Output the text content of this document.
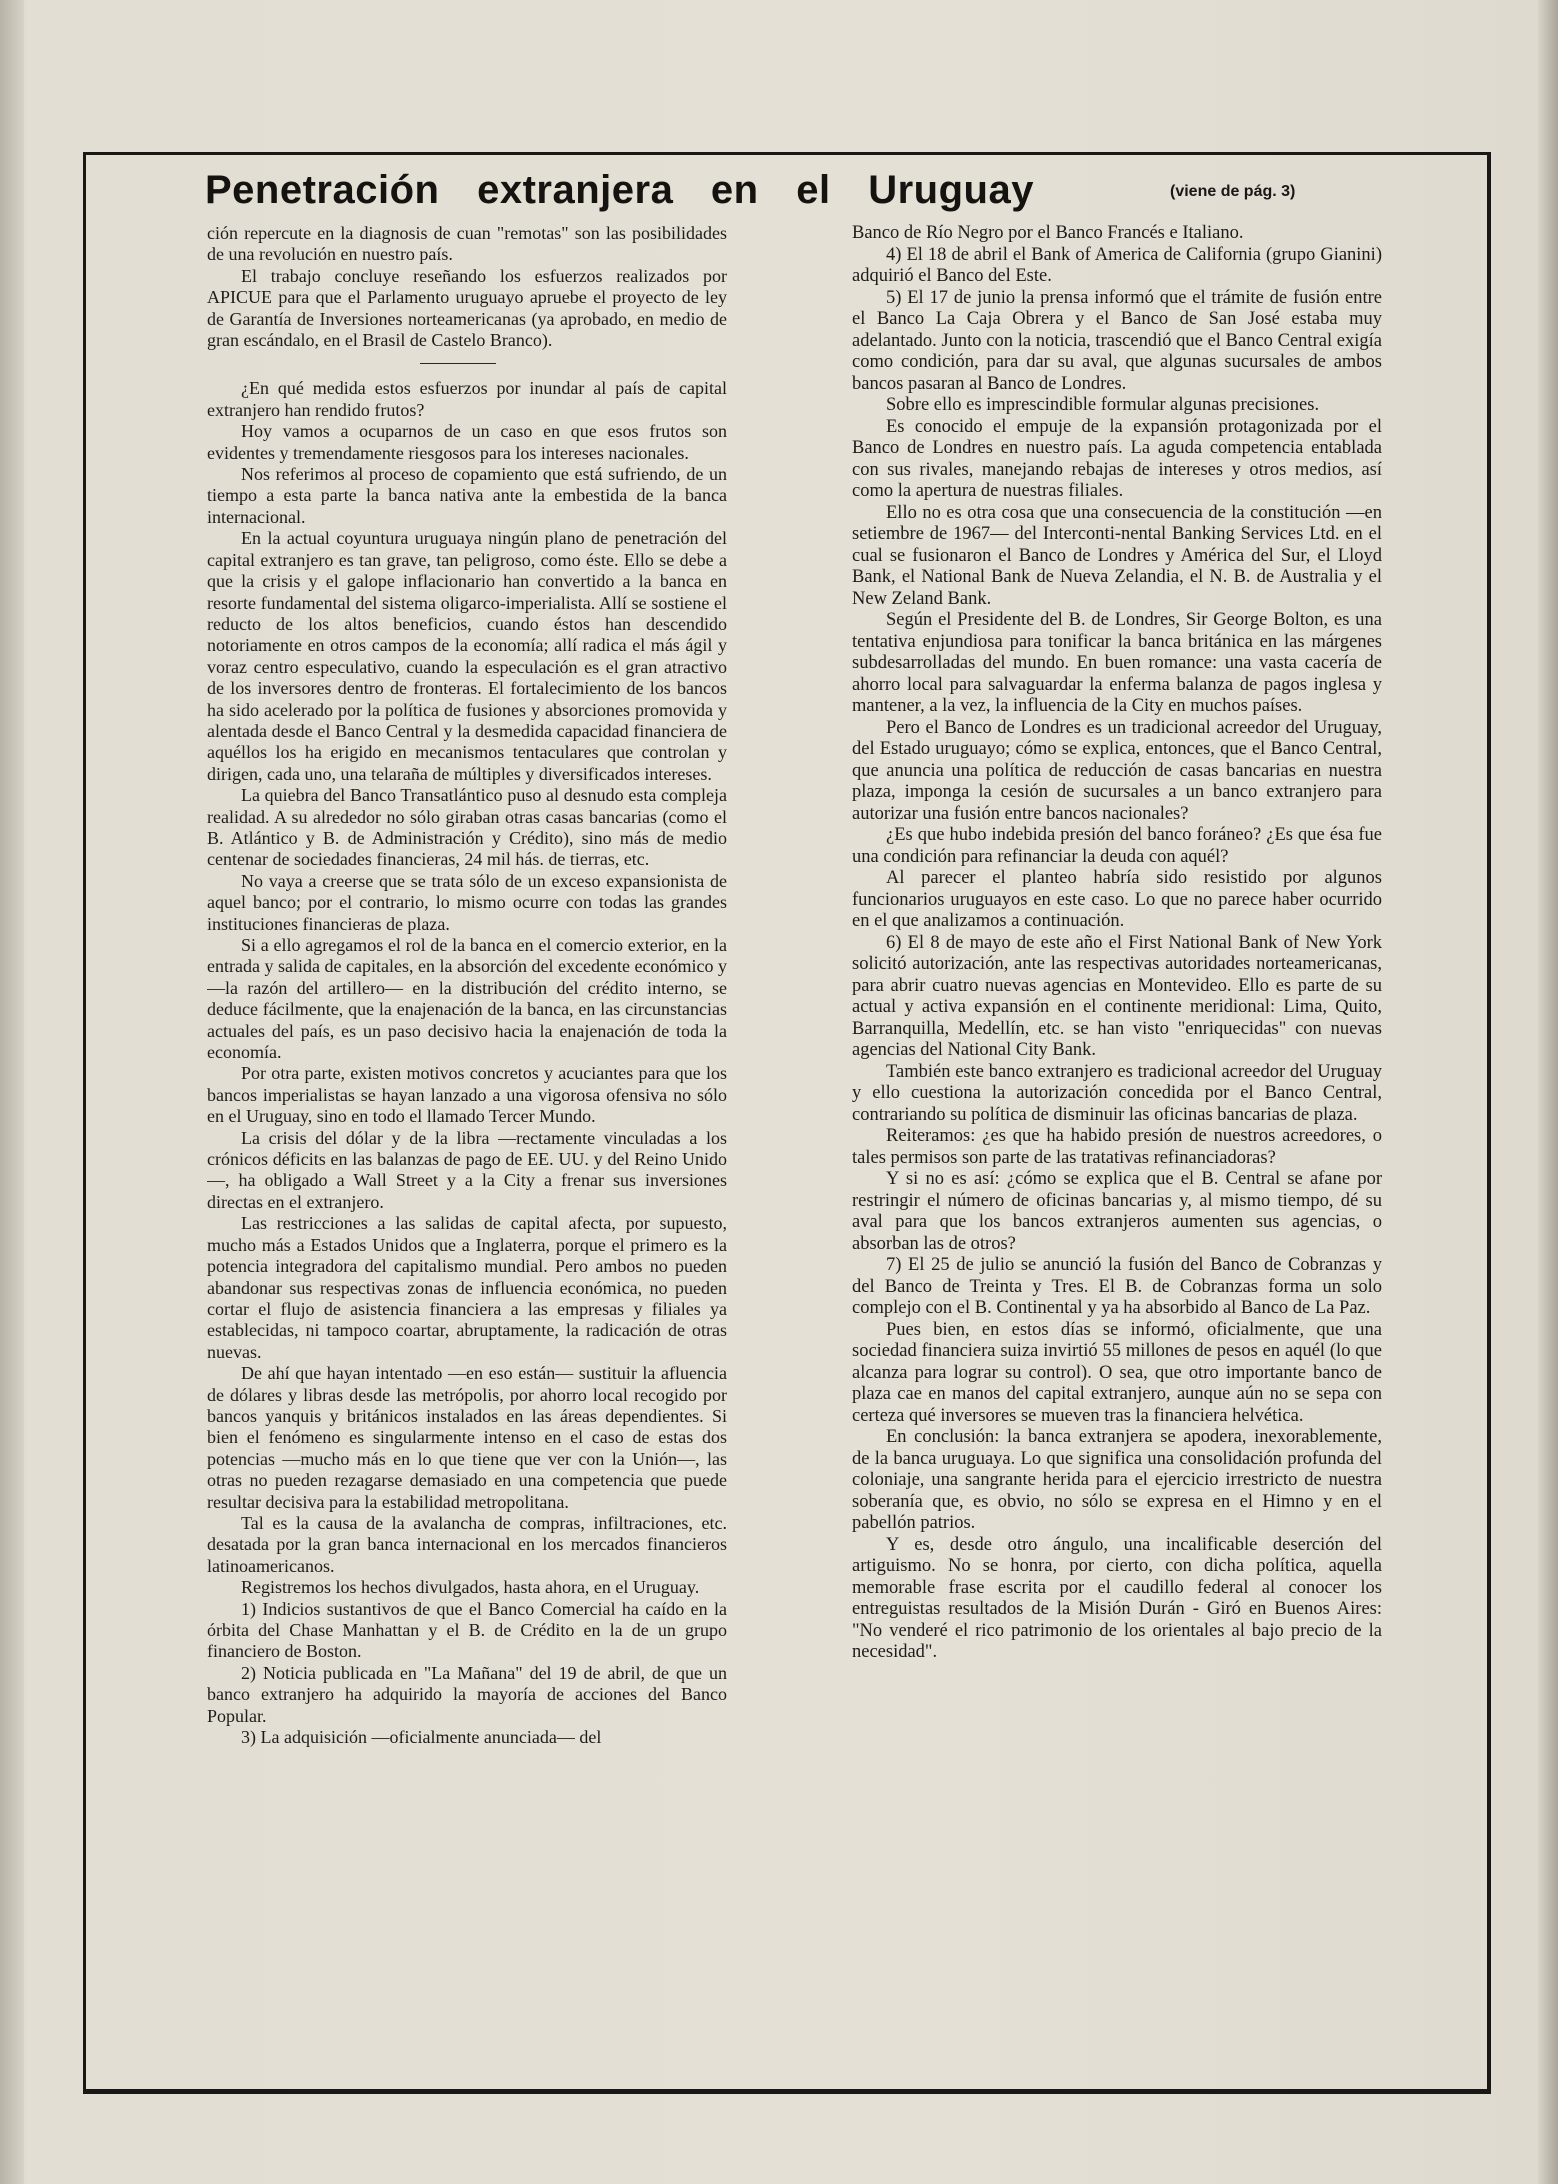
Penetración extranjera en el Uruguay	(viene de pág. 3)

ción repercute en la diagnosis de cuan "remotas" son las posibilidades de una revolución en nuestro país.

El trabajo concluye reseñando los esfuerzos realizados por APICUE para que el Parlamento uruguayo apruebe el proyecto de ley de Garantía de Inversiones norteamericanas (ya aprobado, en medio de gran escándalo, en el Brasil de Castelo Branco).

¿En qué medida estos esfuerzos por inundar al país de capital extranjero han rendido frutos?

Hoy vamos a ocuparnos de un caso en que esos frutos son evidentes y tremendamente riesgosos para los intereses nacionales.

Nos referimos al proceso de copamiento que está sufriendo, de un tiempo a esta parte la banca nativa ante la embestida de la banca internacional.

En la actual coyuntura uruguaya ningún plano de penetración del capital extranjero es tan grave, tan peligroso, como éste. Ello se debe a que la crisis y el galope inflacionario han convertido a la banca en resorte fundamental del sistema oligarco-imperialista. Allí se sostiene el reducto de los altos beneficios, cuando éstos han descendido notoriamente en otros campos de la economía; allí radica el más ágil y voraz centro especulativo, cuando la especulación es el gran atractivo de los inversores dentro de fronteras. El fortalecimiento de los bancos ha sido acelerado por la política de fusiones y absorciones promovida y alentada desde el Banco Central y la desmedida capacidad financiera de aquéllos los ha erigido en mecanismos tentaculares que controlan y dirigen, cada uno, una telaraña de múltiples y diversificados intereses.

La quiebra del Banco Transatlántico puso al desnudo esta compleja realidad. A su alrededor no sólo giraban otras casas bancarias (como el B. Atlántico y B. de Administración y Crédito), sino más de medio centenar de sociedades financieras, 24 mil hás. de tierras, etc.

No vaya a creerse que se trata sólo de un exceso expansionista de aquel banco; por el contrario, lo mismo ocurre con todas las grandes instituciones financieras de plaza.

Si a ello agregamos el rol de la banca en el comercio exterior, en la entrada y salida de capitales, en la absorción del excedente económico y —la razón del artillero— en la distribución del crédito interno, se deduce fácilmente, que la enajenación de la banca, en las circunstancias actuales del país, es un paso decisivo hacia la enajenación de toda la economía.

Por otra parte, existen motivos concretos y acuciantes para que los bancos imperialistas se hayan lanzado a una vigorosa ofensiva no sólo en el Uruguay, sino en todo el llamado Tercer Mundo.

La crisis del dólar y de la libra —rectamente vinculadas a los crónicos déficits en las balanzas de pago de EE. UU. y del Reino Unido—, ha obligado a Wall Street y a la City a frenar sus inversiones directas en el extranjero.

Las restricciones a las salidas de capital afecta, por supuesto, mucho más a Estados Unidos que a Inglaterra, porque el primero es la potencia integradora del capitalismo mundial. Pero ambos no pueden abandonar sus respectivas zonas de influencia económica, no pueden cortar el flujo de asistencia financiera a las empresas y filiales ya establecidas, ni tampoco coartar, abruptamente, la radicación de otras nuevas.

De ahí que hayan intentado —en eso están— sustituir la afluencia de dólares y libras desde las metrópolis, por ahorro local recogido por bancos yanquis y británicos instalados en las áreas dependientes. Si bien el fenómeno es singularmente intenso en el caso de estas dos potencias —mucho más en lo que tiene que ver con la Unión—, las otras no pueden rezagarse demasiado en una competencia que puede resultar decisiva para la estabilidad metropolitana.

Tal es la causa de la avalancha de compras, infiltraciones, etc. desatada por la gran banca internacional en los mercados financieros latinoamericanos.

Registremos los hechos divulgados, hasta ahora, en el Uruguay.

1) Indicios sustantivos de que el Banco Comercial ha caído en la órbita del Chase Manhattan y el B. de Crédito en la de un grupo financiero de Boston.

2) Noticia publicada en "La Mañana" del 19 de abril, de que un banco extranjero ha adquirido la mayoría de acciones del Banco Popular.

3) La adquisición —oficialmente anunciada— del

Banco de Río Negro por el Banco Francés e Italiano.

4) El 18 de abril el Bank of America de California (grupo Gianini) adquirió el Banco del Este.

5) El 17 de junio la prensa informó que el trámite de fusión entre el Banco La Caja Obrera y el Banco de San José estaba muy adelantado. Junto con la noticia, trascendió que el Banco Central exigía como condición, para dar su aval, que algunas sucursales de ambos bancos pasaran al Banco de Londres.

Sobre ello es imprescindible formular algunas precisiones.

Es conocido el empuje de la expansión protagonizada por el Banco de Londres en nuestro país. La aguda competencia entablada con sus rivales, manejando rebajas de intereses y otros medios, así como la apertura de nuestras filiales.

Ello no es otra cosa que una consecuencia de la constitución —en setiembre de 1967— del Interconti-nental Banking Services Ltd. en el cual se fusionaron el Banco de Londres y América del Sur, el Lloyd Bank, el National Bank de Nueva Zelandia, el N. B. de Australia y el New Zeland Bank.

Según el Presidente del B. de Londres, Sir George Bolton, es una tentativa enjundiosa para tonificar la banca británica en las márgenes subdesarrolladas del mundo. En buen romance: una vasta cacería de ahorro local para salvaguardar la enferma balanza de pagos inglesa y mantener, a la vez, la influencia de la City en muchos países.

Pero el Banco de Londres es un tradicional acreedor del Uruguay, del Estado uruguayo; cómo se explica, entonces, que el Banco Central, que anuncia una política de reducción de casas bancarias en nuestra plaza, imponga la cesión de sucursales a un banco extranjero para autorizar una fusión entre bancos nacionales?

¿Es que hubo indebida presión del banco foráneo? ¿Es que ésa fue una condición para refinanciar la deuda con aquél?

Al parecer el planteo habría sido resistido por algunos funcionarios uruguayos en este caso. Lo que no parece haber ocurrido en el que analizamos a continuación.

6) El 8 de mayo de este año el First National Bank of New York solicitó autorización, ante las respectivas autoridades norteamericanas, para abrir cuatro nuevas agencias en Montevideo. Ello es parte de su actual y activa expansión en el continente meridional: Lima, Quito, Barranquilla, Medellín, etc. se han visto "enriquecidas" con nuevas agencias del National City Bank.

También este banco extranjero es tradicional acreedor del Uruguay y ello cuestiona la autorización concedida por el Banco Central, contrariando su política de disminuir las oficinas bancarias de plaza.

Reiteramos: ¿es que ha habido presión de nuestros acreedores, o tales permisos son parte de las tratativas refinanciadoras?

Y si no es así: ¿cómo se explica que el B. Central se afane por restringir el número de oficinas bancarias y, al mismo tiempo, dé su aval para que los bancos extranjeros aumenten sus agencias, o absorban las de otros?

7) El 25 de julio se anunció la fusión del Banco de Cobranzas y del Banco de Treinta y Tres. El B. de Cobranzas forma un solo complejo con el B. Continental y ya ha absorbido al Banco de La Paz.

Pues bien, en estos días se informó, oficialmente, que una sociedad financiera suiza invirtió 55 millones de pesos en aquél (lo que alcanza para lograr su control). O sea, que otro importante banco de plaza cae en manos del capital extranjero, aunque aún no se sepa con certeza qué inversores se mueven tras la financiera helvética.

En conclusión: la banca extranjera se apodera, inexorablemente, de la banca uruguaya. Lo que significa una consolidación profunda del coloniaje, una sangrante herida para el ejercicio irrestricto de nuestra soberanía que, es obvio, no sólo se expresa en el Himno y en el pabellón patrios.

Y es, desde otro ángulo, una incalificable deserción del artiguismo. No se honra, por cierto, con dicha política, aquella memorable frase escrita por el caudillo federal al conocer los entreguistas resultados de la Misión Durán - Giró en Buenos Aires: "No venderé el rico patrimonio de los orientales al bajo precio de la necesidad".
